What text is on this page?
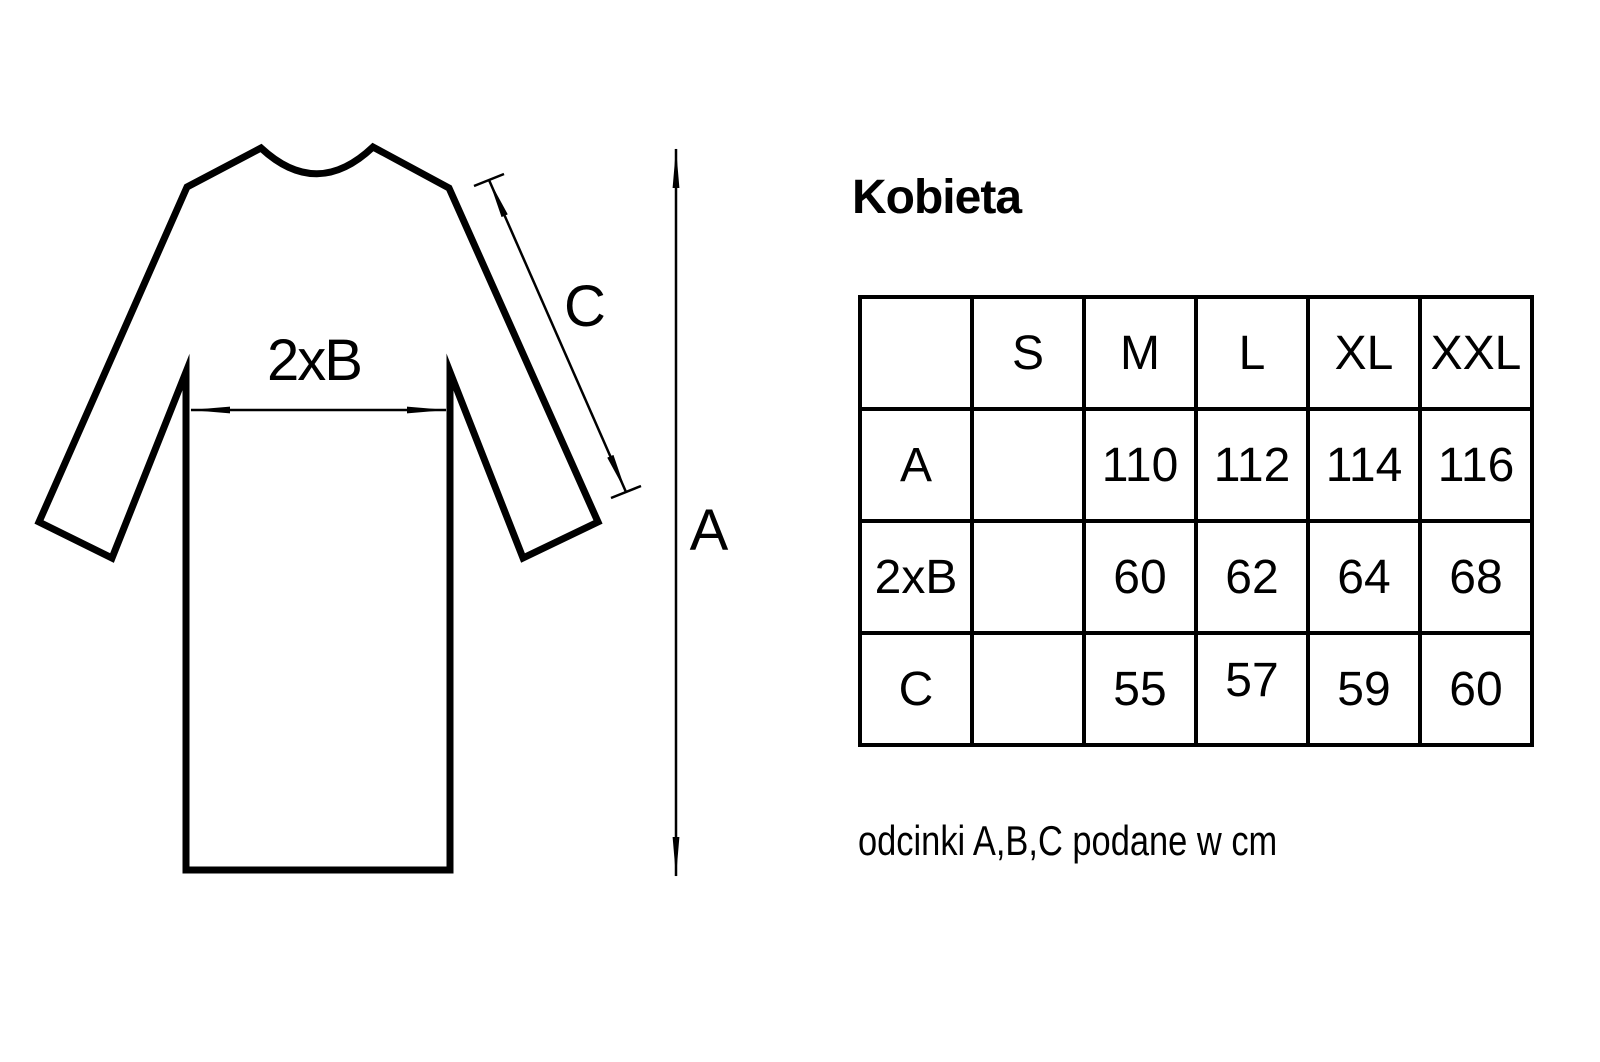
2xB
C
A
Kobieta
	S	M	L	XL	XXL
A		110	112	114	116
2xB		60	62	64	68
C		55	57	59	60
odcinki A,B,C podane w cm
